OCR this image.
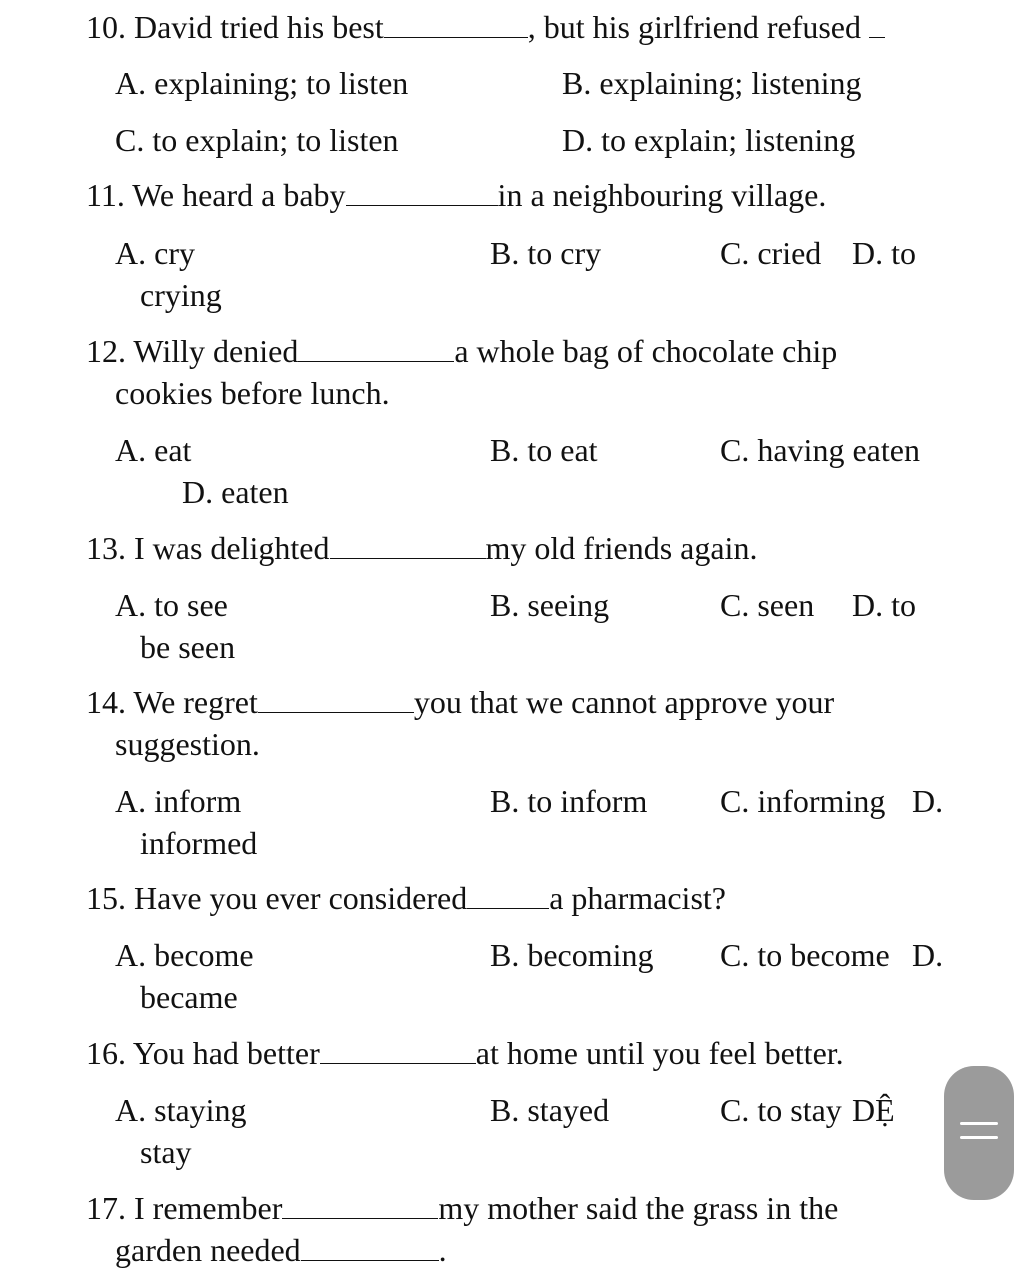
10. David tried his best	, but his girlfriend refused
A. explaining; to listen	B. explaining; listening
C. to explain; to listen	D. to explain; listening
11. We heard a baby	in a neighbouring village.
A. cry	B. to cry	C. cried D. to
crying
12. Willy denied	a whole bag of chocolate chip
cookies before lunch.
A. eat	B. to eat	C. having eaten
D. eaten
13. I was delighted	my old friends again.
A. to see	B. seeing	C. seen D. to
be seen
14. We regret	you that we cannot approve your
suggestion.
A. inform	B. to inform C. informing D.
informed
15. Have you ever considered	a pharmacist?
A. become	B. becoming C. to become D.
became
16. You had better	at home until you feel better.
A. staying	B. stayed	C. to stay DỆ
stay
17. I remember	my mother said the grass in the
garden needed	.
